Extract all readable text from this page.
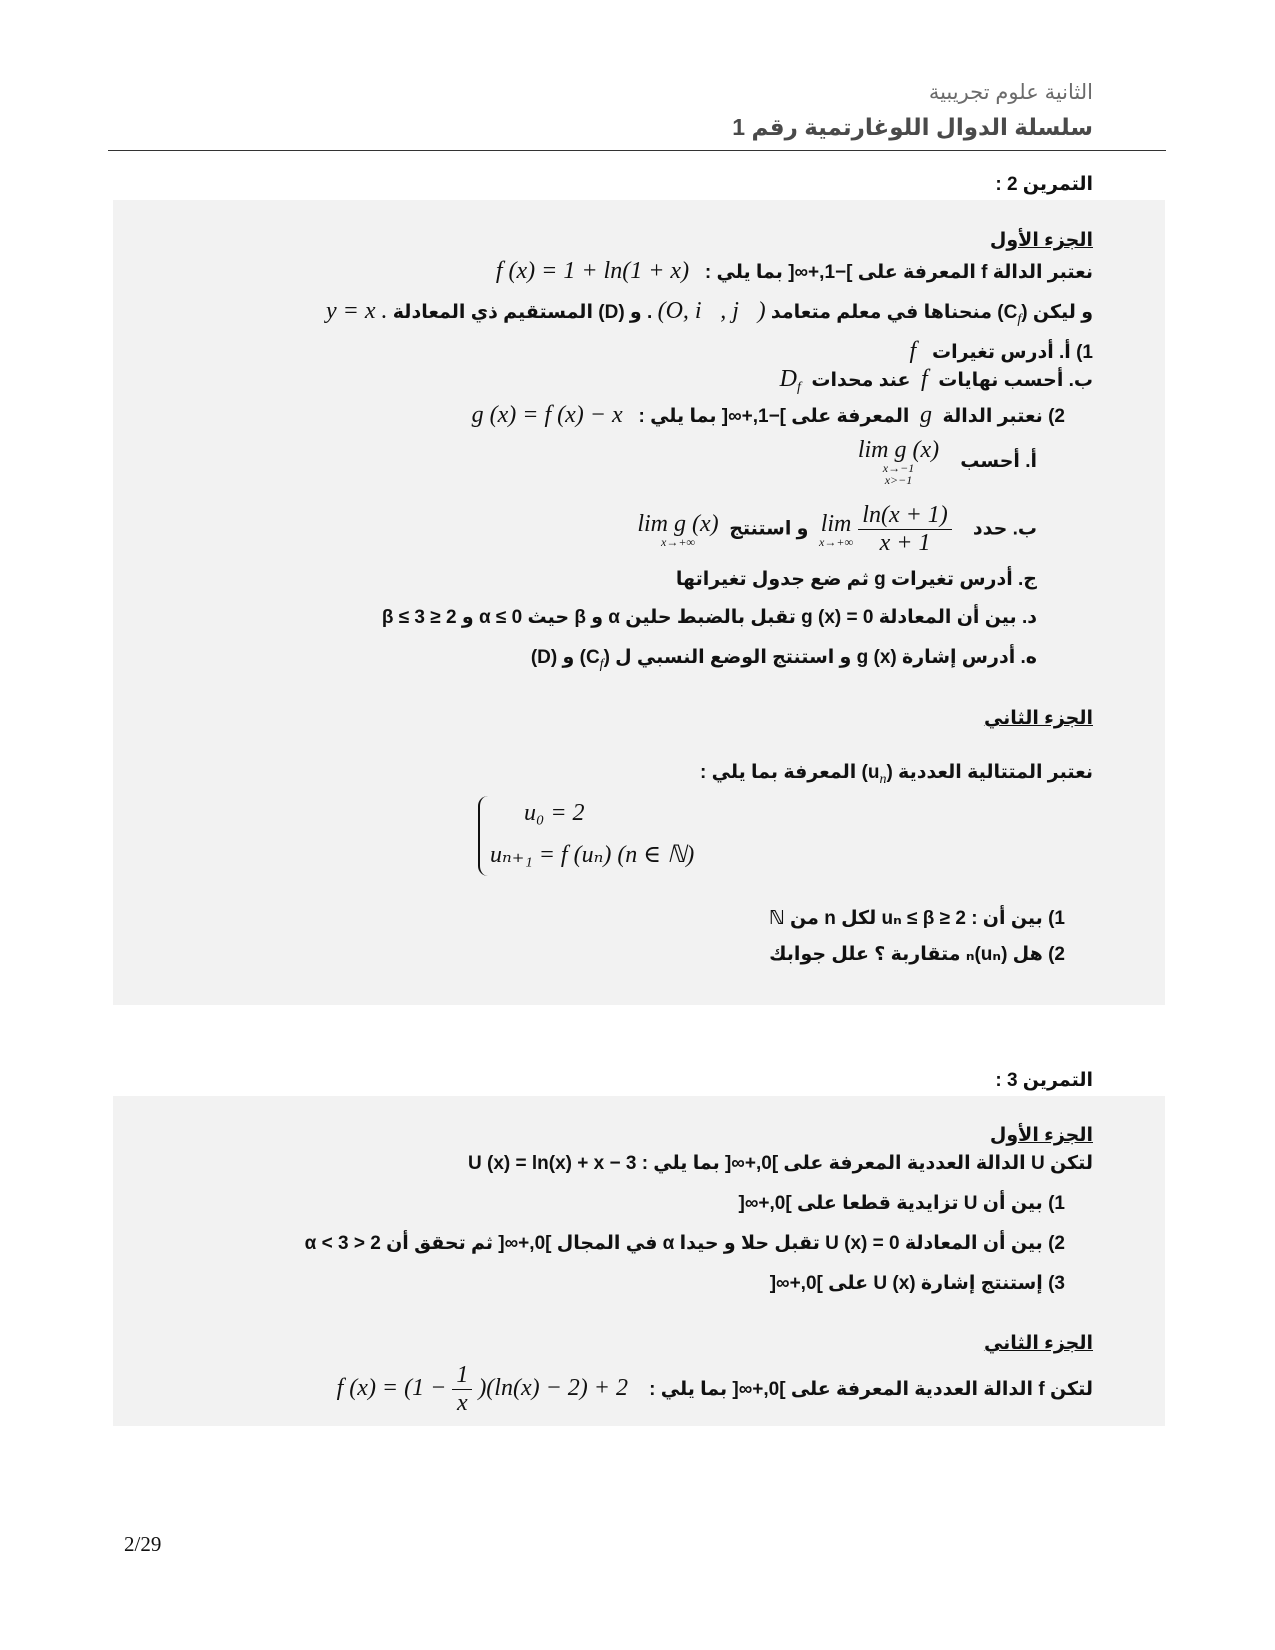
الثانية علوم تجريبية
سلسلة الدوال اللوغارتمية رقم 1
التمرين 2 :
الجزء الأول
نعتبر الدالة f المعرفة على ]−1,+∞[ بما يلي :   f (x) = 1 + ln(1 + x)
و ليكن $(C_f)$ منحناها في معلم متعامد (O, i⃗, j⃗) . و (D) المستقيم ذي المعادلة y = x .
1) أ. أدرس تغيرات   f
ب. أحسب نهايات  f  عند محدات  $D_f$
2) نعتبر الدالة  g  المعرفة على ]−1,+∞[ بما يلي :   g (x) = f (x) − x
أ. أحسب    lim g (x)
x→−1
x>−1
ب. حدد
$\frac{\ln(x + 1)}{x + 1}$
lim
x→+∞
و استنتج  lim g (x)
x→+∞
ج. أدرس تغيرات g ثم ضع جدول تغيراتها
د. بين أن المعادلة g (x) = 0 تقبل بالضبط حلين α و β حيث α ≤ 0 و 2 ≤ β ≤ 3
ه. أدرس إشارة g (x) و استنتج الوضع النسبي ل $(C_f)$ و (D)
الجزء الثاني
نعتبر المتتالية العددية $(u_n)$ المعرفة بما يلي :
u₀ = 2
uₙ₊₁ = f (uₙ) (n ∈ ℕ)
1) بين أن : 2 ≤ uₙ ≤ β لكل n من ℕ
2) هل (uₙ)ₙ متقاربة ؟ علل جوابك
التمرين 3 :
الجزء الأول
لتكن U الدالة العددية المعرفة على ]0,+∞[ بما يلي : U (x) = ln(x) + x − 3
1) بين أن U تزايدية قطعا على ]0,+∞[
2) بين أن المعادلة U (x) = 0 تقبل حلا و حيدا α في المجال ]0,+∞[ ثم تحقق أن 2 < α < 3
3) إستنتج إشارة U (x) على ]0,+∞[
الجزء الثاني
لتكن f الدالة العددية المعرفة على ]0,+∞[ بما يلي :    f $(x) = (1 - \frac{1}{x} )(\ln(x) - 2) + 2$
2/29
